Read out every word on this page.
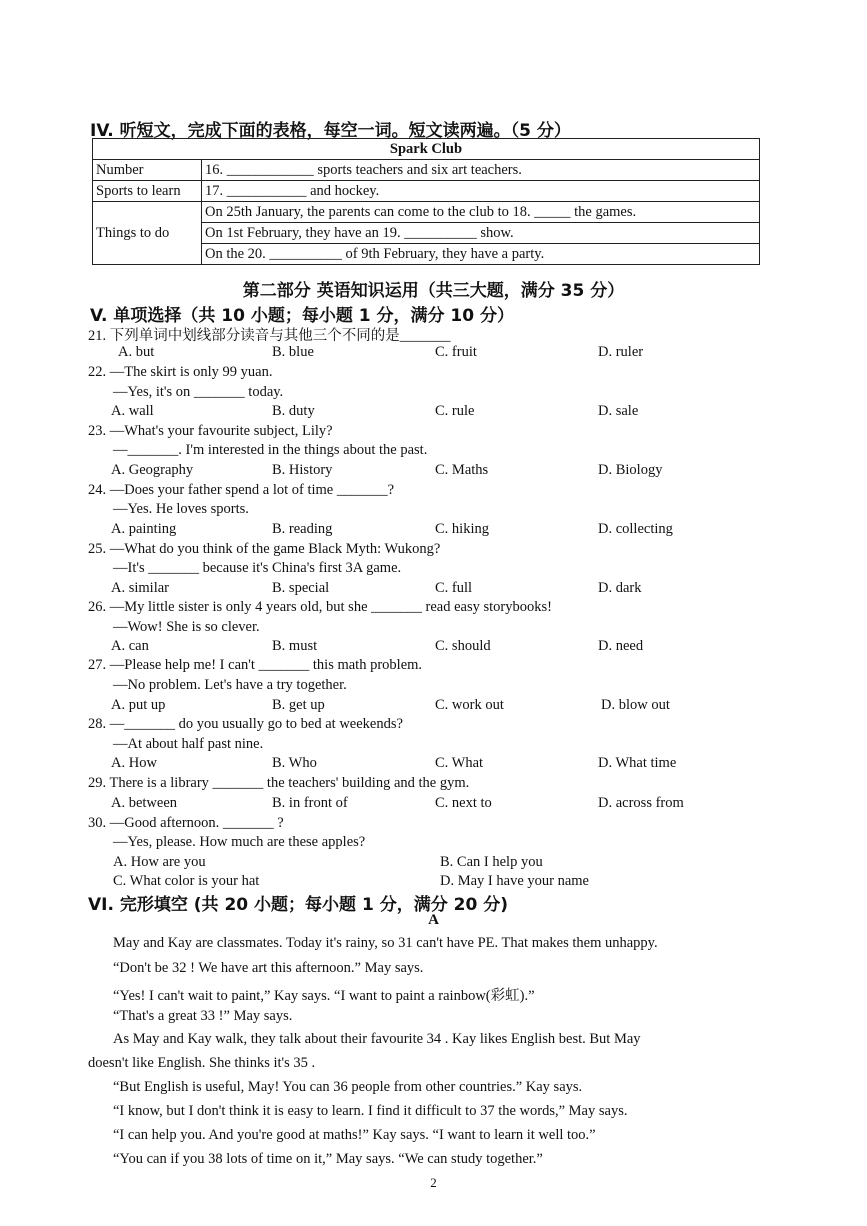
IV. 听短文，完成下面的表格，每空一词。短文读两遍。（5 分）
Spark Club	
Number	16. ____________ sports teachers and six art teachers.
Sports to learn	17. ___________ and hockey.
Things to do	On 25th January, the parents can come to the club to 18. _____ the games.
	On 1st February, they have an 19. __________ show.
	On the 20. __________ of 9th February, they have a party.
第二部分 英语知识运用（共三大题，满分 35 分）
V. 单项选择（共 10 小题；每小题 1 分，满分 10 分）
21. 下列单词中划线部分读音与其他三个不同的是_______
A. but	B. blue	C. fruit	D. ruler
22. —The skirt is only 99 yuan.
—Yes, it's on _______ today.
A. wall	B. duty	C. rule	D. sale
23. —What's your favourite subject, Lily?
—_______. I'm interested in the things about the past.
A. Geography	B. History	C. Maths	D. Biology
24. —Does your father spend a lot of time _______?
—Yes. He loves sports.
A. painting	B. reading	C. hiking	D. collecting
25. —What do you think of the game Black Myth: Wukong?
—It's _______ because it's China's first 3A game.
A. similar	B. special	C. full	D. dark
26. —My little sister is only 4 years old, but she _______ read easy storybooks!
—Wow! She is so clever.
A. can	B. must	C. should	D. need
27. —Please help me! I can't _______ this math problem.
—No problem. Let's have a try together.
A. put up	B. get up	C. work out	D. blow out
28. —_______ do you usually go to bed at weekends?
—At about half past nine.
A. How	B. Who	C. What	D. What time
29. There is a library _______ the teachers' building and the gym.
A. between	B. in front of	C. next to	D. across from
30. —Good afternoon. _______ ?
—Yes, please. How much are these apples?
A. How are you	B. Can I help you
C. What color is your hat	D. May I have your name
VI. 完形填空 (共 20 小题；每小题 1 分，满分 20 分)
A
May and Kay are classmates. Today it's rainy, so 31 can't have PE. That makes them unhappy.
“Don't be 32 ! We have art this afternoon.” May says.
“Yes! I can't wait to paint,” Kay says. “I want to paint a rainbow(彩虹).”
“That's a great 33 !” May says.
As May and Kay walk, they talk about their favourite 34 . Kay likes English best. But May
doesn't like English. She thinks it's 35 .
“But English is useful, May! You can 36 people from other countries.” Kay says.
“I know, but I don't think it is easy to learn. I find it difficult to 37 the words,” May says.
“I can help you. And you're good at maths!” Kay says. “I want to learn it well too.”
“You can if you 38 lots of time on it,” May says. “We can study together.”
2
